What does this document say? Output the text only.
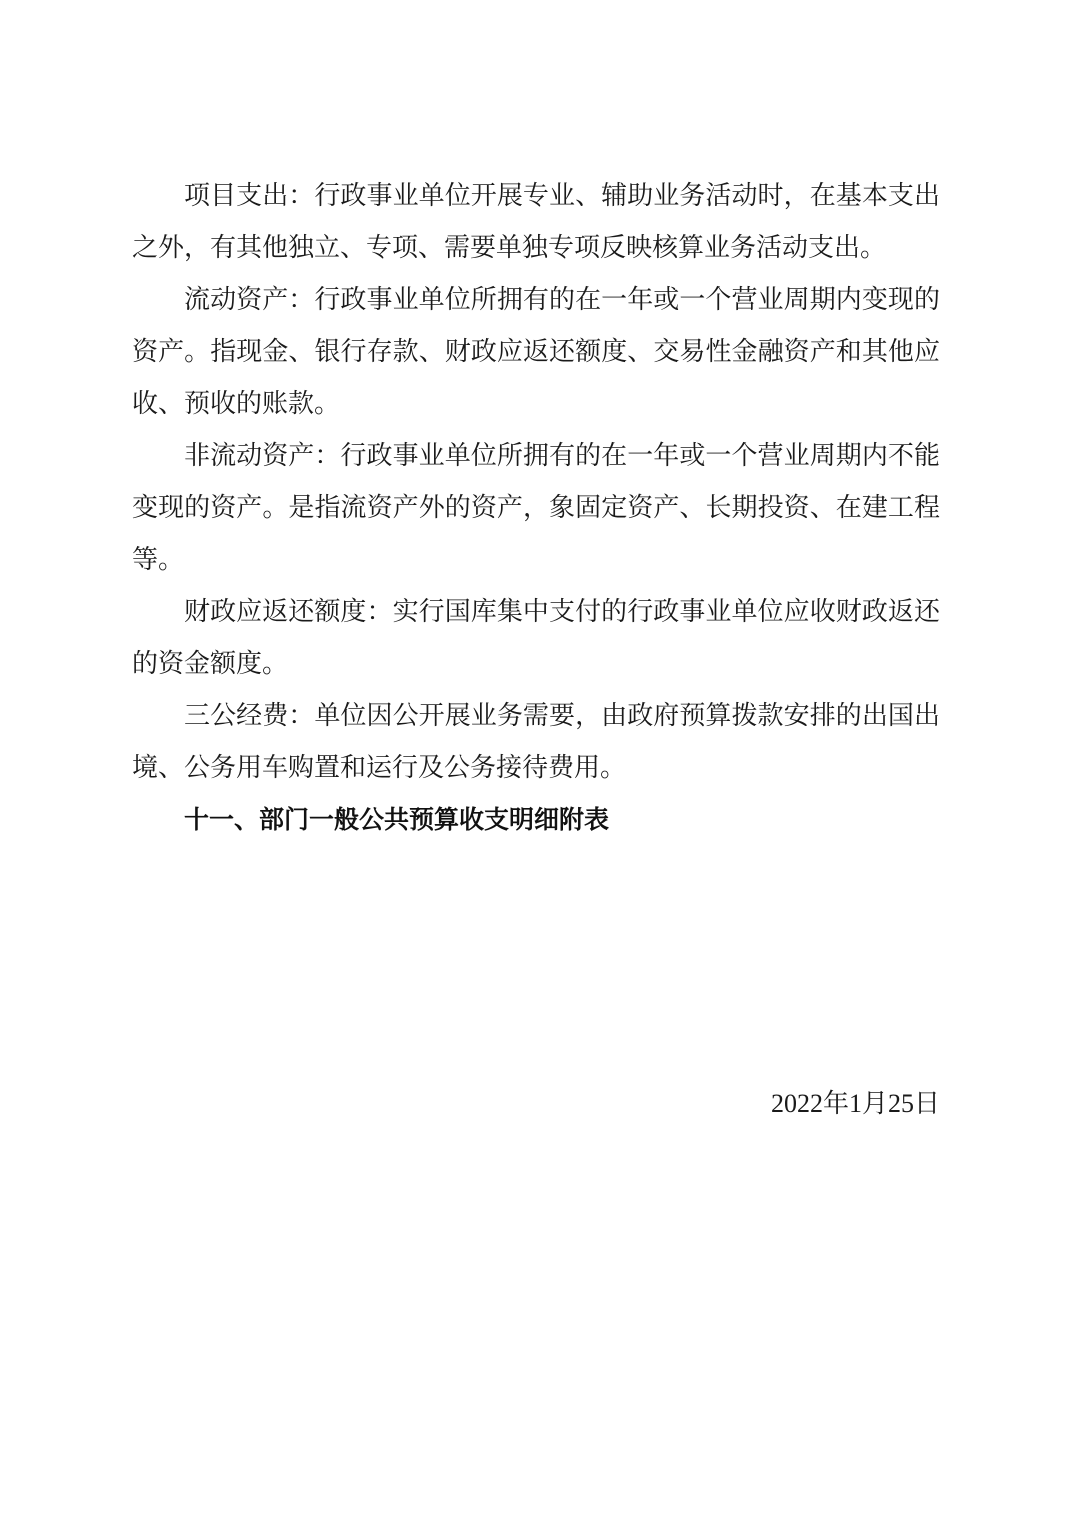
项目支出：行政事业单位开展专业、辅助业务活动时，在基本支出之外，有其他独立、专项、需要单独专项反映核算业务活动支出。

流动资产：行政事业单位所拥有的在一年或一个营业周期内变现的资产。指现金、银行存款、财政应返还额度、交易性金融资产和其他应收、预收的账款。

非流动资产：行政事业单位所拥有的在一年或一个营业周期内不能变现的资产。是指流资产外的资产，象固定资产、长期投资、在建工程等。

财政应返还额度：实行国库集中支付的行政事业单位应收财政返还的资金额度。

三公经费：单位因公开展业务需要，由政府预算拨款安排的出国出境、公务用车购置和运行及公务接待费用。

十一、部门一般公共预算收支明细附表

2022年1月25日
